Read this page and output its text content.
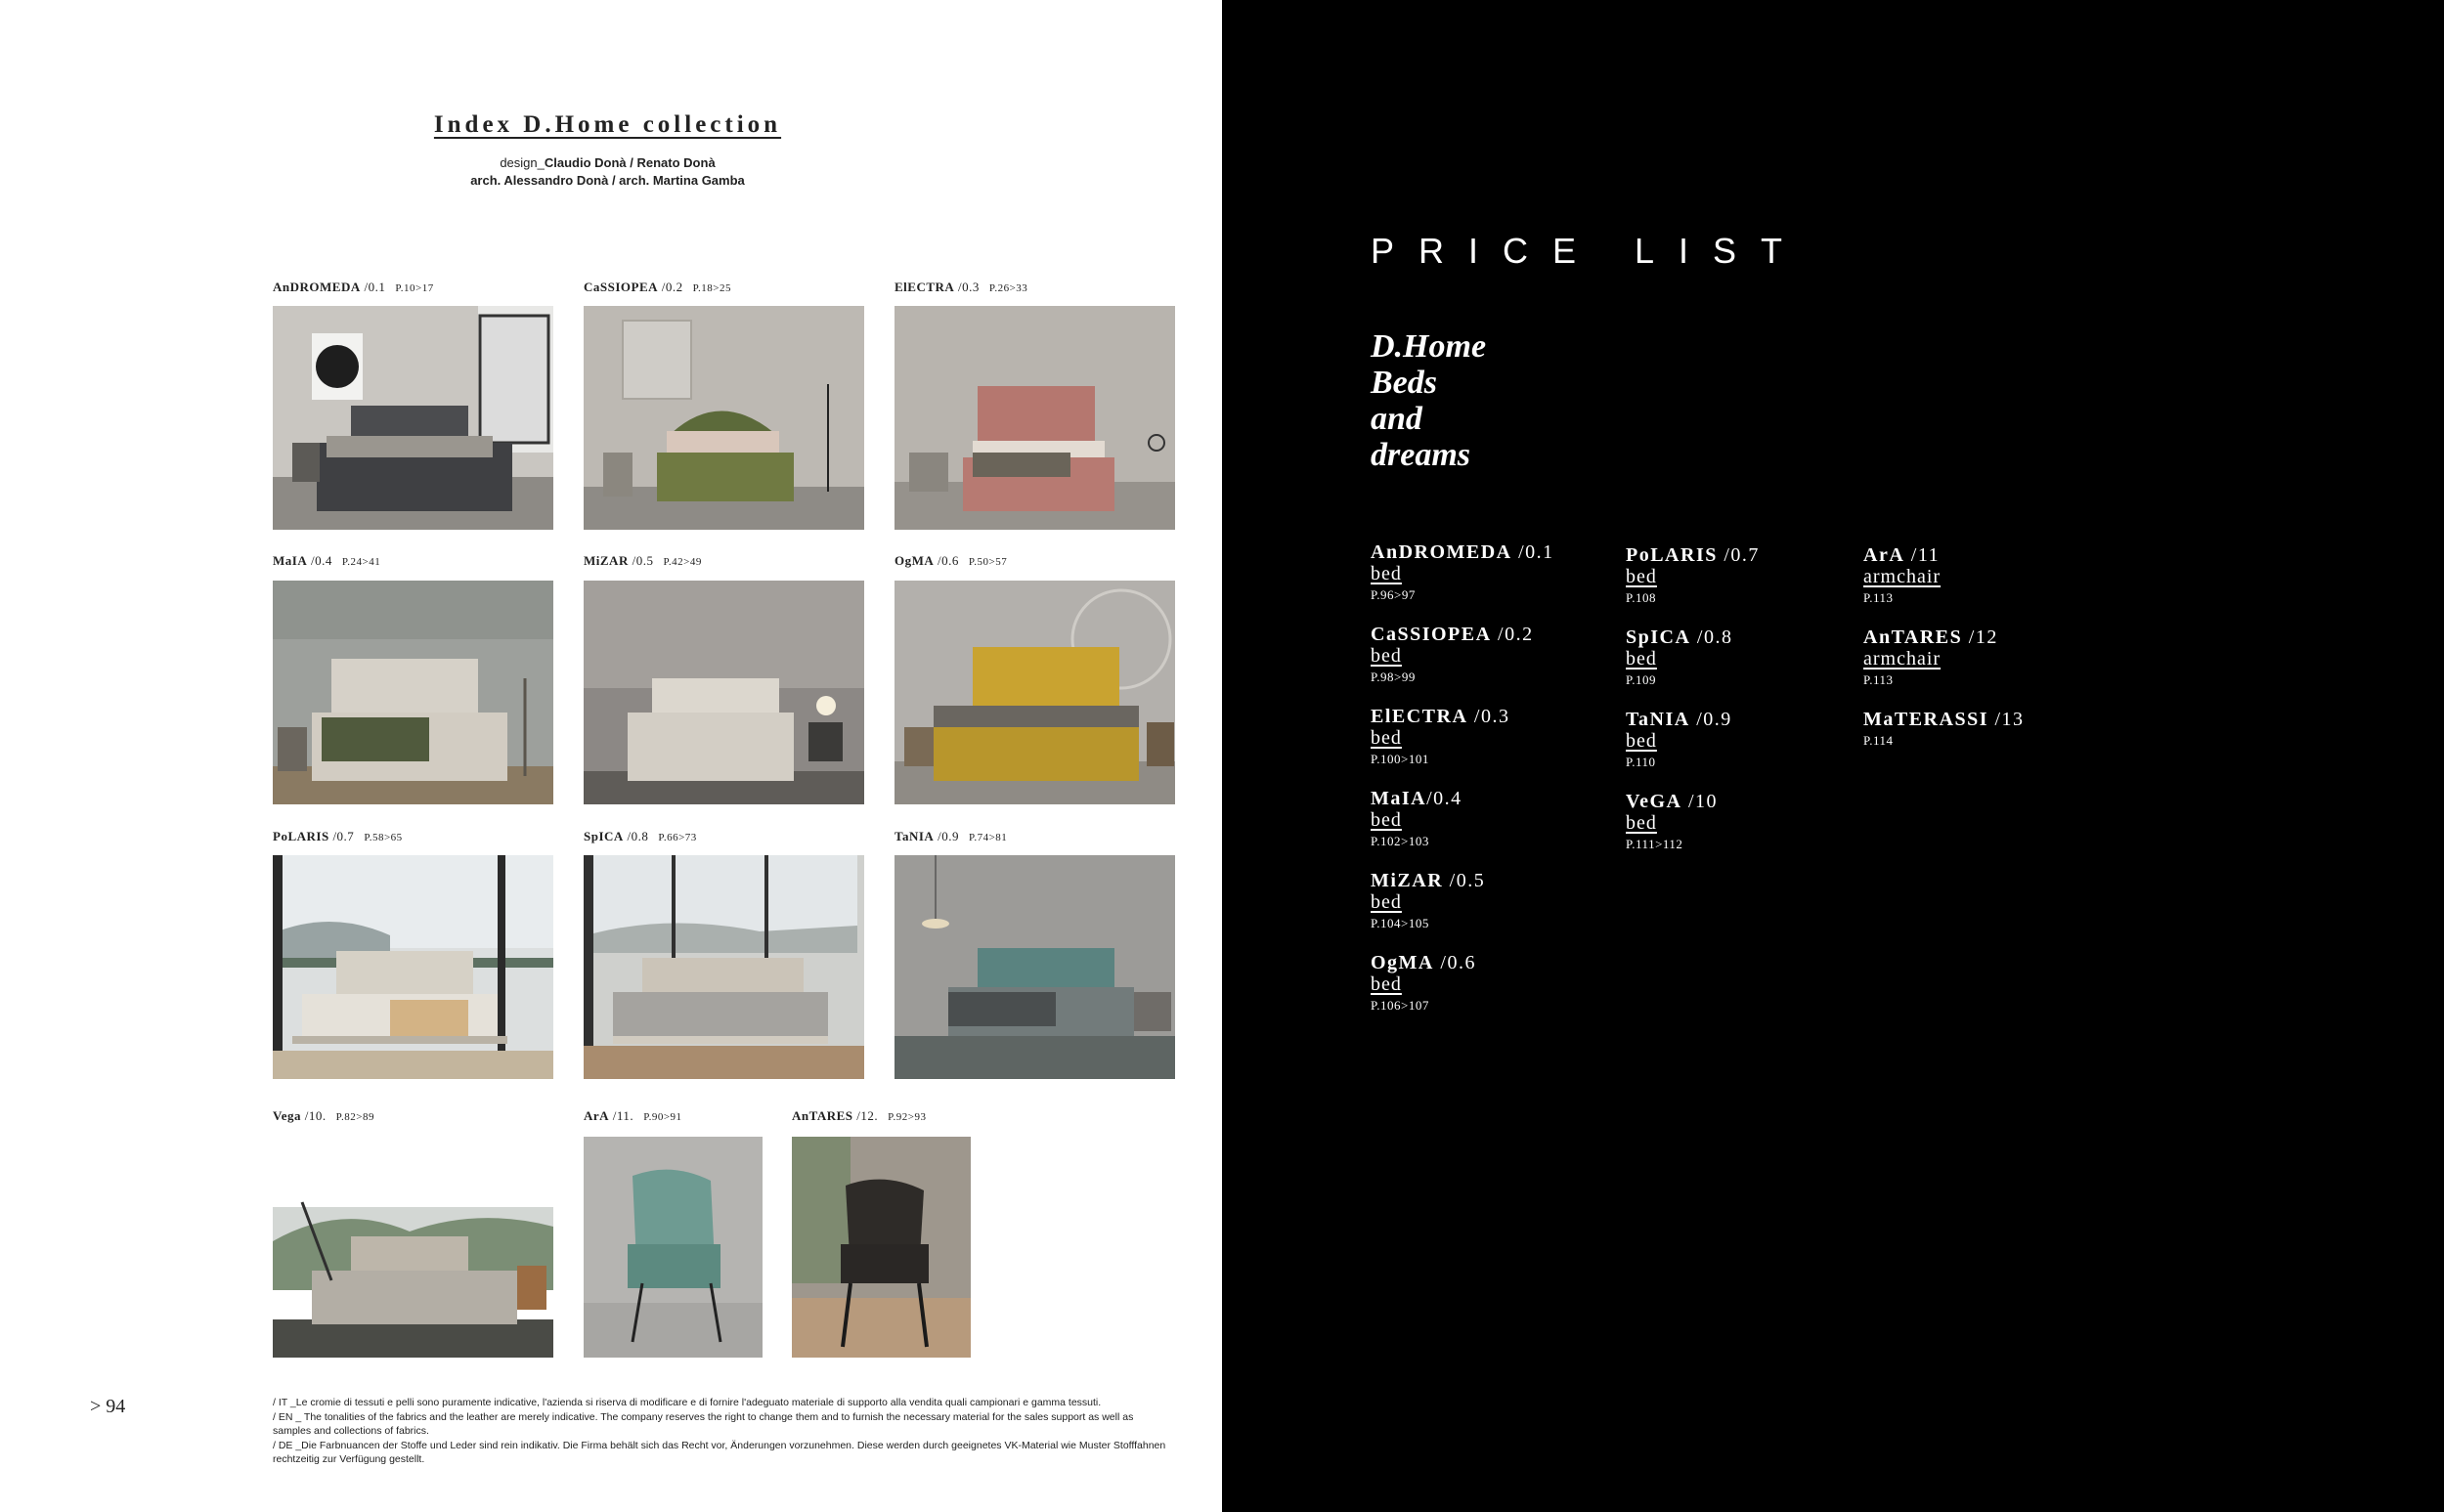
Index D.Home collection
design_Claudio Donà / Renato Donà
arch. Alessandro Donà / arch. Martina Gamba
AnDROMEDA /0.1 P.10>17	CaSSIOPEA /0.2 P.18>25	ElECTRA /0.3 P.26>33
MaIA /0.4 P.24>41	MiZAR /0.5 P.42>49	OgMA /0.6 P.50>57
PoLARIS /0.7 P.58>65	SpICA /0.8 P.66>73	TaNIA /0.9 P.74>81
Vega /10. P.82>89	ArA /11. P.90>91	AnTARES /12. P.92>93
> 94	/ IT _Le cromie di tessuti e pelli sono puramente indicative, l'azienda si riserva di modificare e di fornire l'adeguato materiale di supporto alla vendita quali campionari e gamma tessuti.
/ EN _ The tonalities of the fabrics and the leather are merely indicative. The company reserves the right to change them and to furnish the necessary material for the sales support as well as samples and collections of fabrics.
/ DE _Die Farbnuancen der Stoffe und Leder sind rein indikativ. Die Firma behält sich das Recht vor, Änderungen vorzunehmen. Diese werden durch geeignetes VK-Material wie Muster Stofffahnen rechtzeitig zur Verfügung gestellt.
PRICE LIST
D.Home
Beds
and
dreams
AnDROMEDA /0.1
bed
P.96>97
CaSSIOPEA /0.2
bed
P.98>99
ElECTRA /0.3
bed
P.100>101
MaIA/0.4
bed
P.102>103
MiZAR /0.5
bed
P.104>105
OgMA /0.6
bed
P.106>107
PoLARIS /0.7
bed
P.108
SpICA /0.8
bed
P.109
TaNIA /0.9
bed
P.110
VeGA /10
bed
P.111>112
ArA /11
armchair
P.113
AnTARES /12
armchair
P.113
MaTERASSI /13
P.114
